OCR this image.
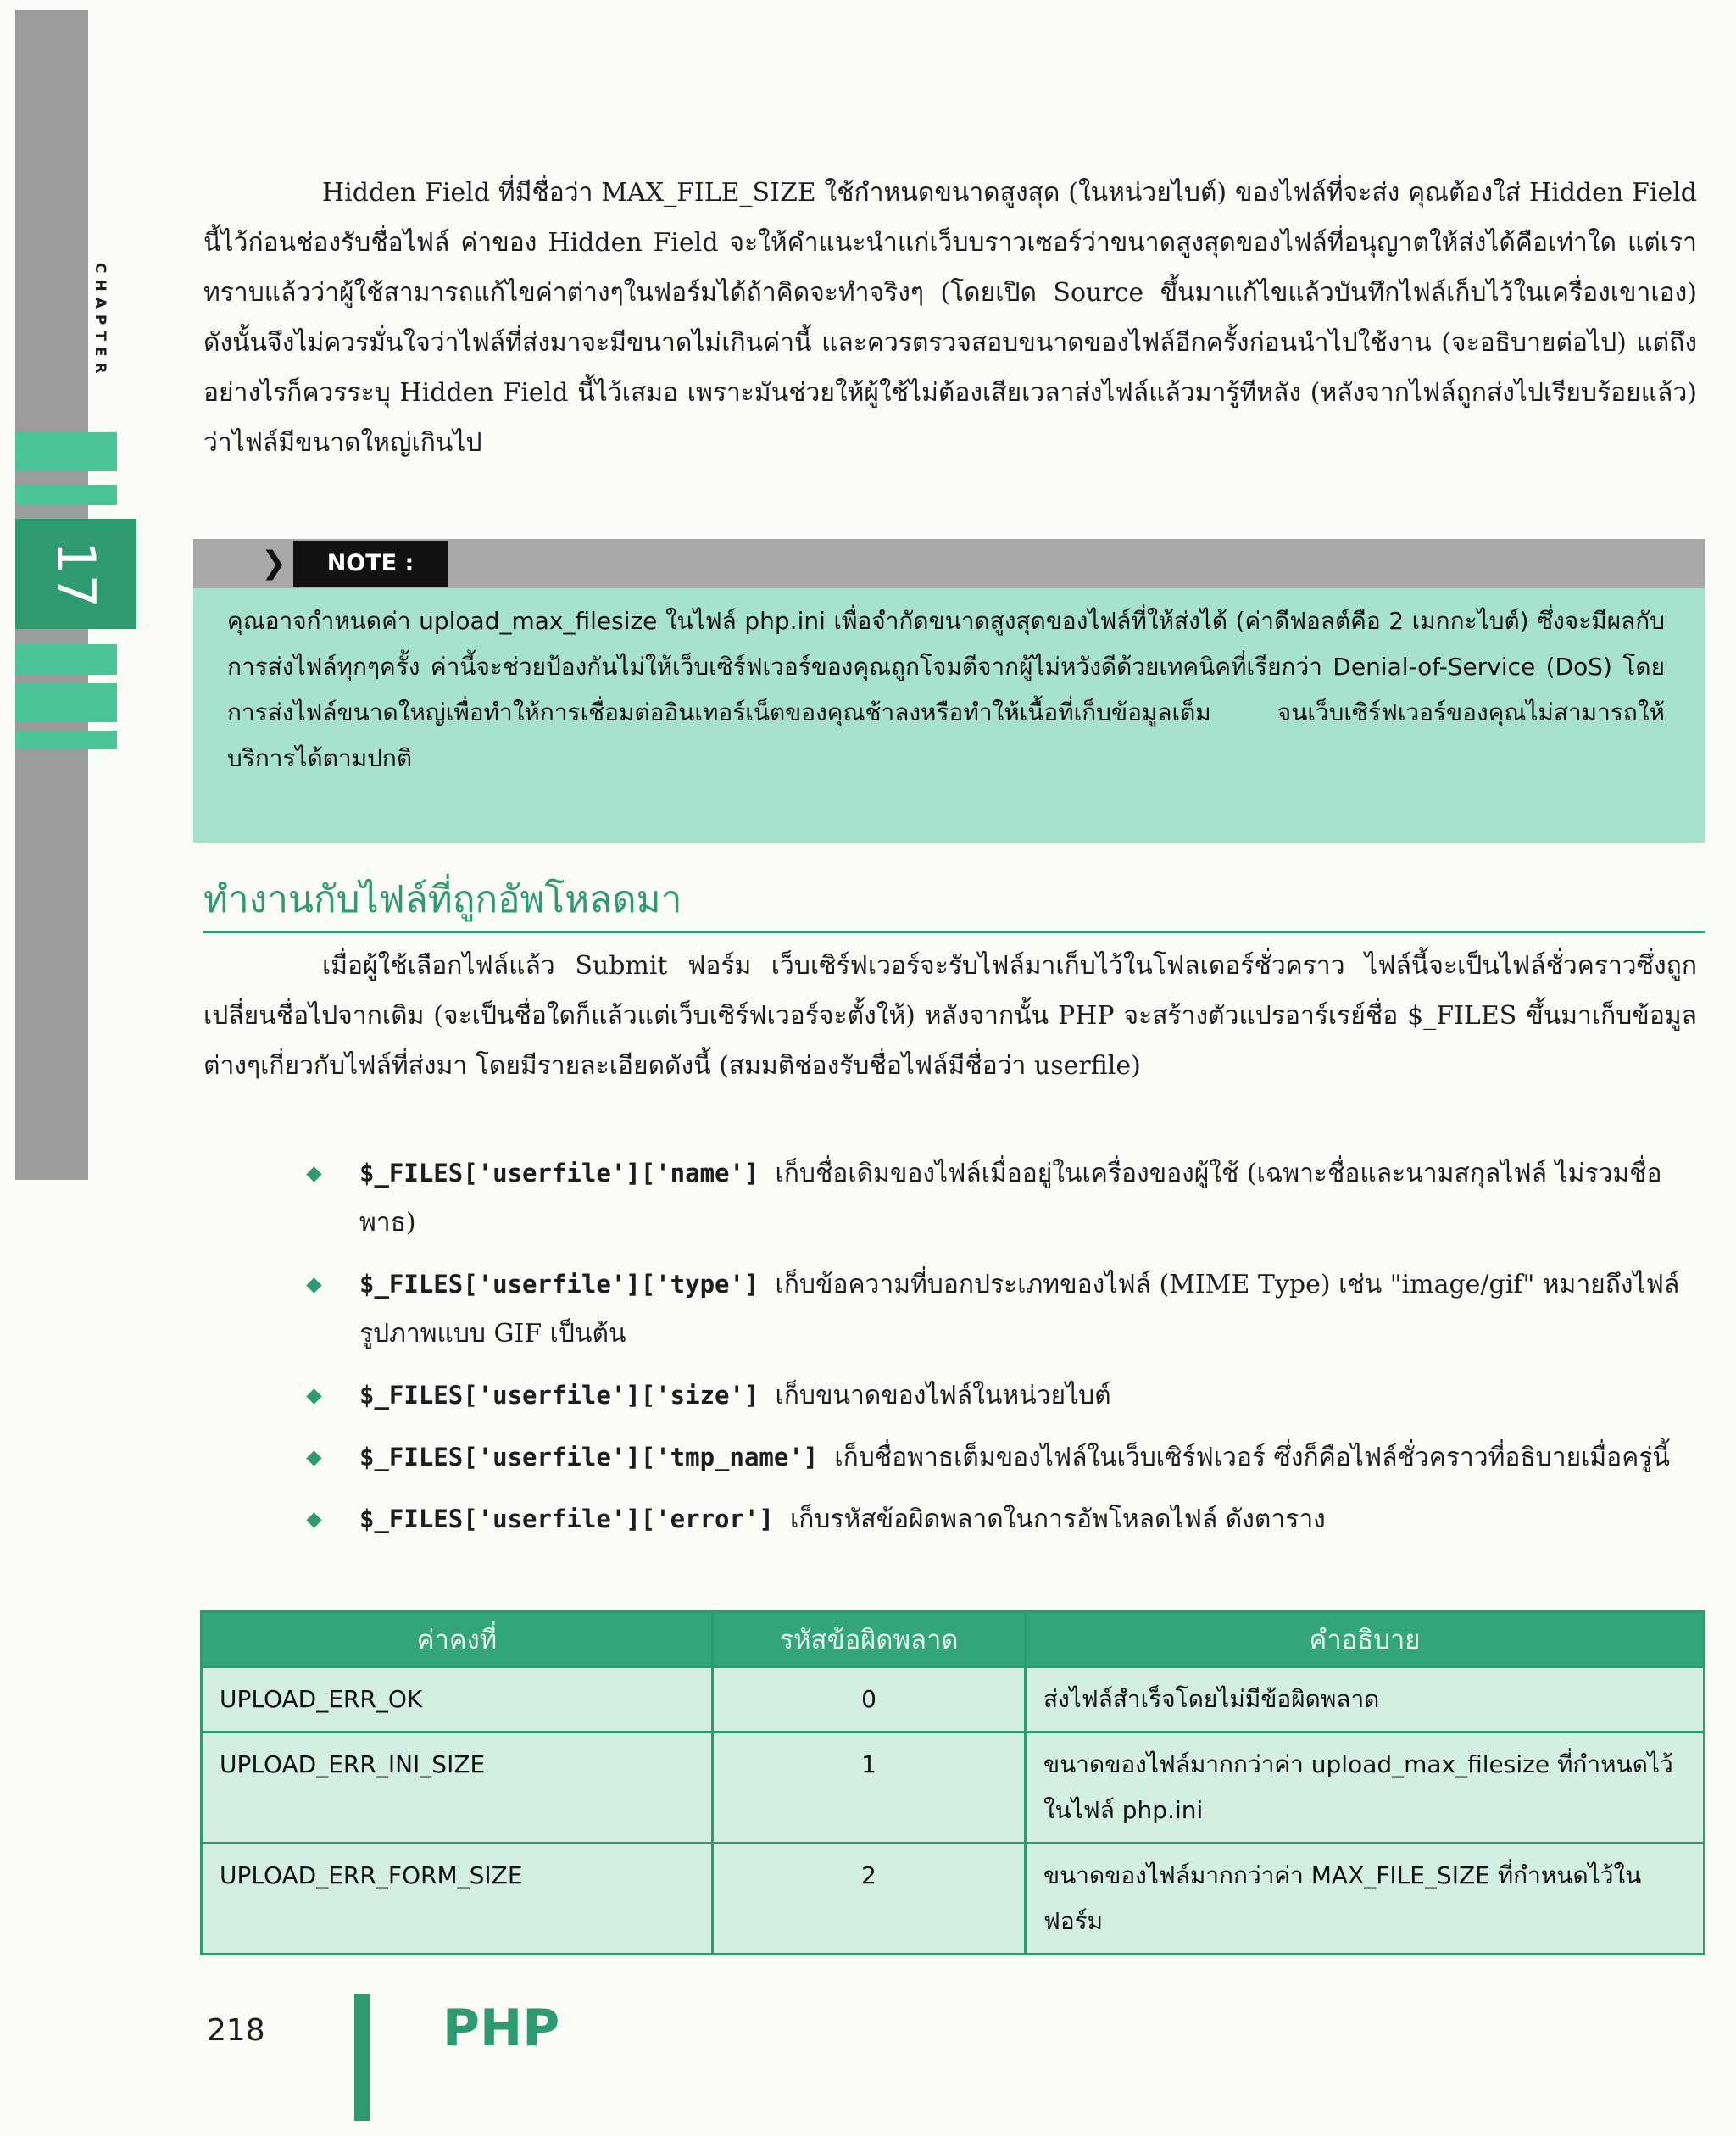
CHAPTER
17

Hidden Field ที่มีชื่อว่า MAX_FILE_SIZE ใช้กำหนดขนาดสูงสุด (ในหน่วยไบต์) ของไฟล์ที่จะส่ง คุณต้องใส่ Hidden Field นี้ไว้ก่อนช่องรับชื่อไฟล์ ค่าของ Hidden Field จะให้คำแนะนำแก่เว็บบราวเซอร์ว่าขนาดสูงสุดของไฟล์ที่อนุญาตให้ส่งได้คือเท่าใด แต่เราทราบแล้วว่าผู้ใช้สามารถแก้ไขค่าต่างๆในฟอร์มได้ถ้าคิดจะทำจริงๆ (โดยเปิด Source ขึ้นมาแก้ไขแล้วบันทึกไฟล์เก็บไว้ในเครื่องเขาเอง) ดังนั้นจึงไม่ควรมั่นใจว่าไฟล์ที่ส่งมาจะมีขนาดไม่เกินค่านี้ และควรตรวจสอบขนาดของไฟล์อีกครั้งก่อนนำไปใช้งาน (จะอธิบายต่อไป) แต่ถึงอย่างไรก็ควรระบุ Hidden Field นี้ไว้เสมอ เพราะมันช่วยให้ผู้ใช้ไม่ต้องเสียเวลาส่งไฟล์แล้วมารู้ทีหลัง (หลังจากไฟล์ถูกส่งไปเรียบร้อยแล้ว) ว่าไฟล์มีขนาดใหญ่เกินไป

❯	NOTE :

คุณอาจกำหนดค่า upload_max_filesize ในไฟล์ php.ini เพื่อจำกัดขนาดสูงสุดของไฟล์ที่ให้ส่งได้ (ค่าดีฟอลต์คือ 2 เมกกะไบต์) ซึ่งจะมีผลกับการส่งไฟล์ทุกๆครั้ง ค่านี้จะช่วยป้องกันไม่ให้เว็บเซิร์ฟเวอร์ของคุณถูกโจมตีจากผู้ไม่หวังดีด้วยเทคนิคที่เรียกว่า Denial-of-Service (DoS) โดยการส่งไฟล์ขนาดใหญ่เพื่อทำให้การเชื่อมต่ออินเทอร์เน็ตของคุณช้าลงหรือทำให้เนื้อที่เก็บข้อมูลเต็ม จนเว็บเซิร์ฟเวอร์ของคุณไม่สามารถให้บริการได้ตามปกติ

ทำงานกับไฟล์ที่ถูกอัพโหลดมา

เมื่อผู้ใช้เลือกไฟล์แล้ว Submit ฟอร์ม เว็บเซิร์ฟเวอร์จะรับไฟล์มาเก็บไว้ในโฟลเดอร์ชั่วคราว ไฟล์นี้จะเป็นไฟล์ชั่วคราวซึ่งถูกเปลี่ยนชื่อไปจากเดิม (จะเป็นชื่อใดก็แล้วแต่เว็บเซิร์ฟเวอร์จะตั้งให้) หลังจากนั้น PHP จะสร้างตัวแปรอาร์เรย์ชื่อ $_FILES ขึ้นมาเก็บข้อมูลต่างๆเกี่ยวกับไฟล์ที่ส่งมา โดยมีรายละเอียดดังนี้ (สมมติช่องรับชื่อไฟล์มีชื่อว่า userfile)

$_FILES['userfile']['name'] เก็บชื่อเดิมของไฟล์เมื่ออยู่ในเครื่องของผู้ใช้ (เฉพาะชื่อและนามสกุลไฟล์ ไม่รวมชื่อพาธ)
$_FILES['userfile']['type'] เก็บข้อความที่บอกประเภทของไฟล์ (MIME Type) เช่น "image/gif" หมายถึงไฟล์รูปภาพแบบ GIF เป็นต้น
$_FILES['userfile']['size'] เก็บขนาดของไฟล์ในหน่วยไบต์
$_FILES['userfile']['tmp_name'] เก็บชื่อพาธเต็มของไฟล์ในเว็บเซิร์ฟเวอร์ ซึ่งก็คือไฟล์ชั่วคราวที่อธิบายเมื่อครู่นี้
$_FILES['userfile']['error'] เก็บรหัสข้อผิดพลาดในการอัพโหลดไฟล์ ดังตาราง
ค่าคงที่	รหัสข้อผิดพลาด	คำอธิบาย
UPLOAD_ERR_OK	0	ส่งไฟล์สำเร็จโดยไม่มีข้อผิดพลาด
UPLOAD_ERR_INI_SIZE	1	ขนาดของไฟล์มากกว่าค่า upload_max_filesize ที่กำหนดไว้ในไฟล์ php.ini
UPLOAD_ERR_FORM_SIZE	2	ขนาดของไฟล์มากกว่าค่า MAX_FILE_SIZE ที่กำหนดไว้ในฟอร์ม
218	PHP
